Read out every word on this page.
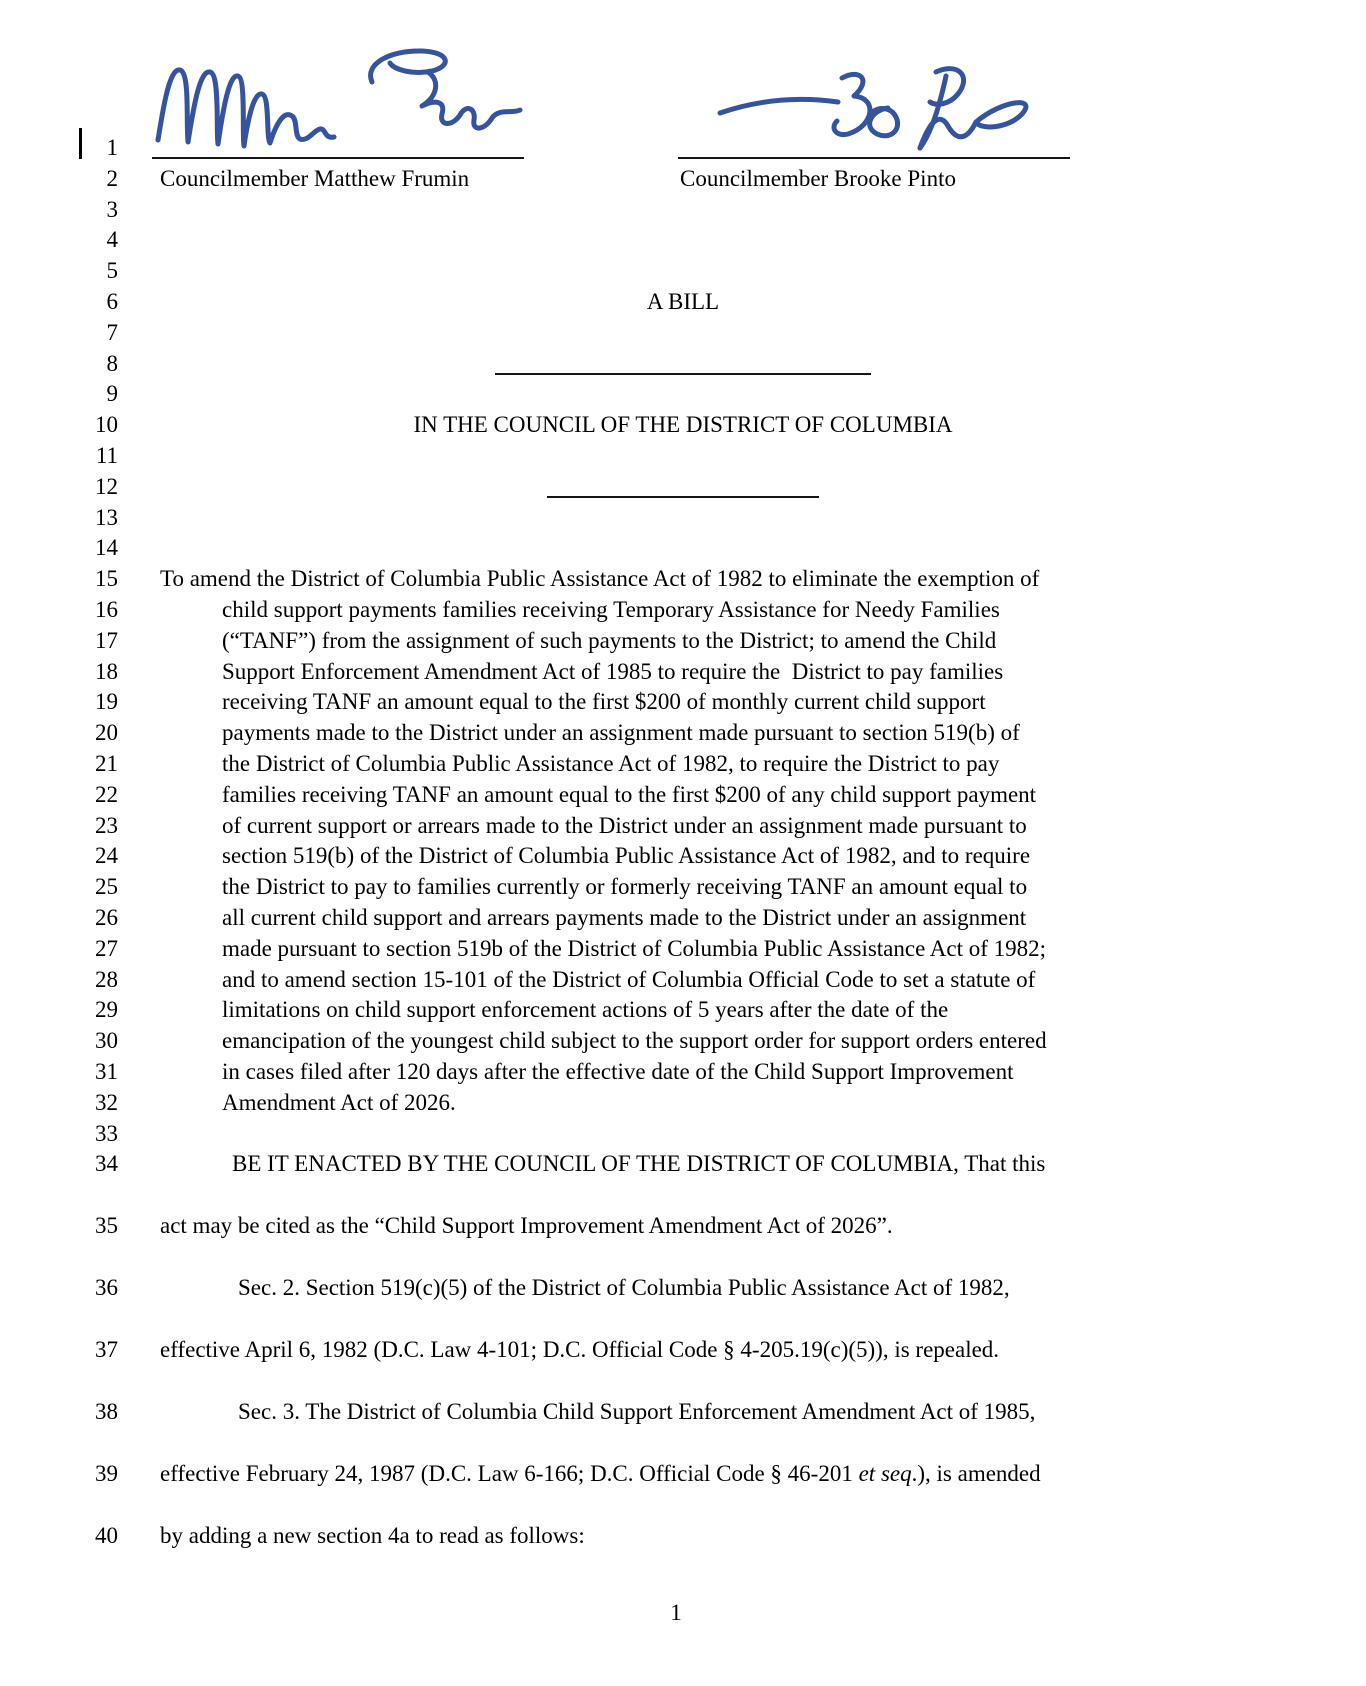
1
2 Councilmember Matthew Frumin	Councilmember Brooke Pinto
3
4
5
6	A BILL
7
8
9
10	IN THE COUNCIL OF THE DISTRICT OF COLUMBIA
11
12
13
14
15 To amend the District of Columbia Public Assistance Act of 1982 to eliminate the exemption of
16	child support payments families receiving Temporary Assistance for Needy Families
17	(“TANF”) from the assignment of such payments to the District; to amend the Child
18	Support Enforcement Amendment Act of 1985 to require the  District to pay families
19	receiving TANF an amount equal to the first $200 of monthly current child support
20	payments made to the District under an assignment made pursuant to section 519(b) of
21	the District of Columbia Public Assistance Act of 1982, to require the District to pay
22	families receiving TANF an amount equal to the first $200 of any child support payment
23	of current support or arrears made to the District under an assignment made pursuant to
24	section 519(b) of the District of Columbia Public Assistance Act of 1982, and to require
25	the District to pay to families currently or formerly receiving TANF an amount equal to
26	all current child support and arrears payments made to the District under an assignment
27	made pursuant to section 519b of the District of Columbia Public Assistance Act of 1982;
28	and to amend section 15-101 of the District of Columbia Official Code to set a statute of
29	limitations on child support enforcement actions of 5 years after the date of the
30	emancipation of the youngest child subject to the support order for support orders entered
31	in cases filed after 120 days after the effective date of the Child Support Improvement
32	Amendment Act of 2026.
33
34	BE IT ENACTED BY THE COUNCIL OF THE DISTRICT OF COLUMBIA, That this
35 act may be cited as the “Child Support Improvement Amendment Act of 2026”.
36	Sec. 2. Section 519(c)(5) of the District of Columbia Public Assistance Act of 1982,
37 effective April 6, 1982 (D.C. Law 4-101; D.C. Official Code § 4-205.19(c)(5)), is repealed.
38	Sec. 3. The District of Columbia Child Support Enforcement Amendment Act of 1985,
39 effective February 24, 1987 (D.C. Law 6-166; D.C. Official Code § 46-201 et seq.), is amended
40 by adding a new section 4a to read as follows:
1
